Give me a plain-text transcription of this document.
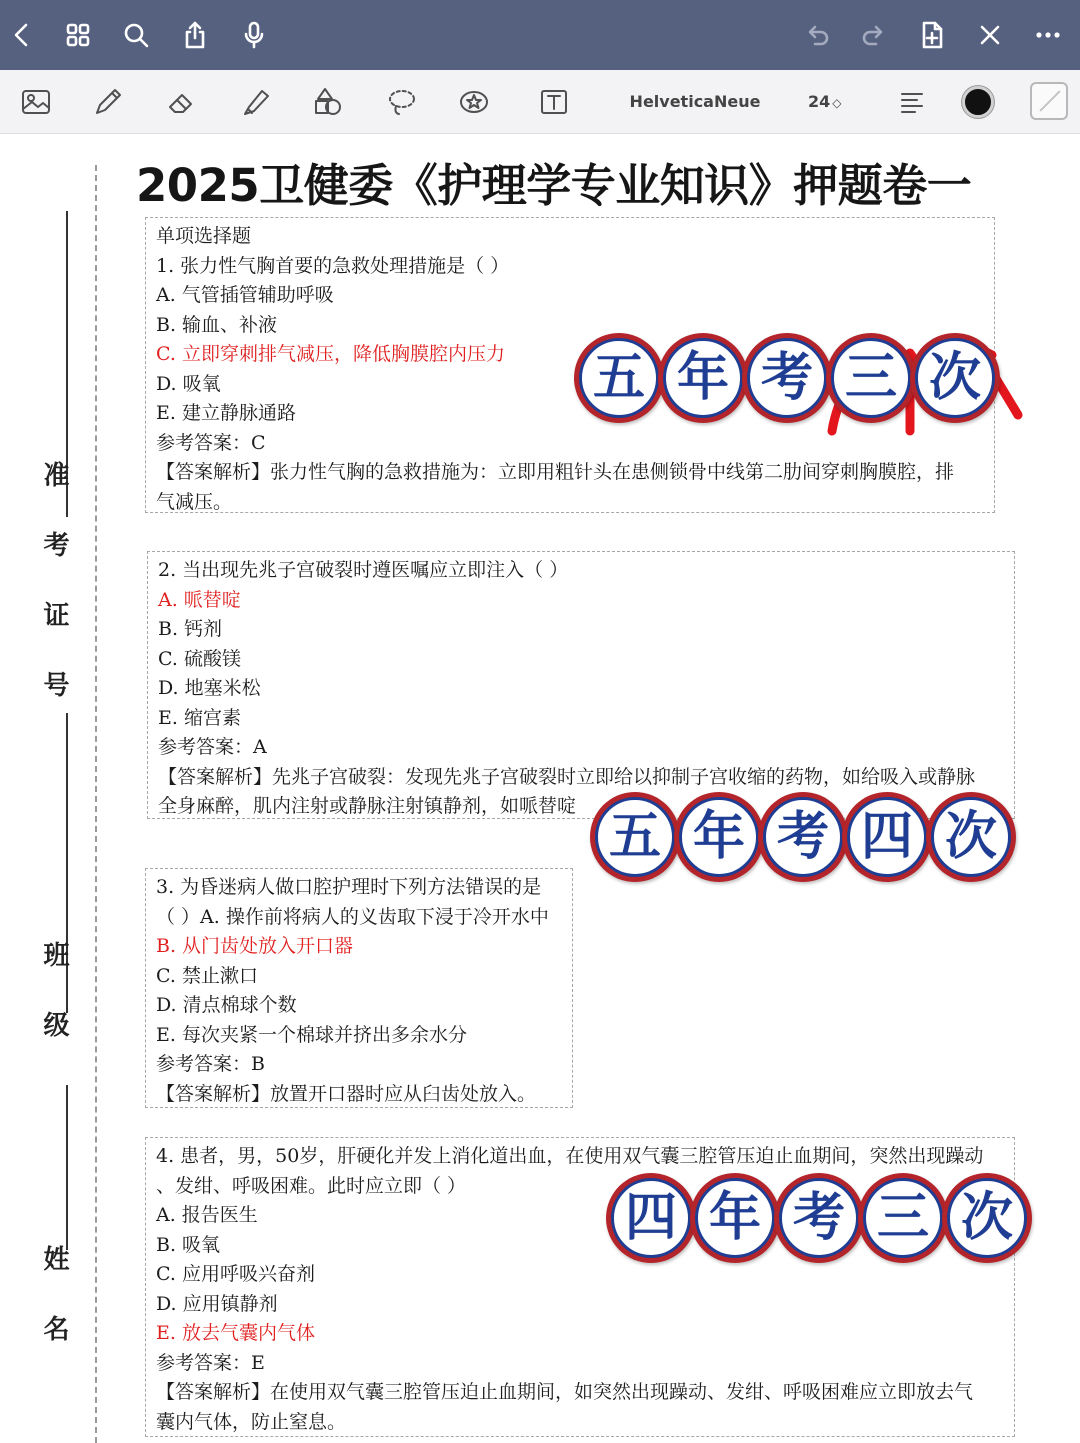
HelveticaNeue	24 ◇
准考证号
班级
姓名
2025卫健委《护理学专业知识》押题卷一
单项选择题
1. 张力性气胸首要的急救处理措施是（ ）
A. 气管插管辅助呼吸
B. 输血、补液
C. 立即穿刺排气减压，降低胸膜腔内压力
D. 吸氧
E. 建立静脉通路
参考答案：C
【答案解析】张力性气胸的急救措施为：立即用粗针头在患侧锁骨中线第二肋间穿刺胸膜腔，排
气减压。
2. 当出现先兆子宫破裂时遵医嘱应立即注入（ ）
A. 哌替啶
B. 钙剂
C. 硫酸镁
D. 地塞米松
E. 缩宫素
参考答案：A
【答案解析】先兆子宫破裂：发现先兆子宫破裂时立即给以抑制子宫收缩的药物，如给吸入或静脉
全身麻醉，肌内注射或静脉注射镇静剂，如哌替啶
3. 为昏迷病人做口腔护理时下列方法错误的是
（ ）A. 操作前将病人的义齿取下浸于冷开水中
B. 从门齿处放入开口器
C. 禁止漱口
D. 清点棉球个数
E. 每次夹紧一个棉球并挤出多余水分
参考答案：B
【答案解析】放置开口器时应从臼齿处放入。
4. 患者，男，50岁，肝硬化并发上消化道出血，在使用双气囊三腔管压迫止血期间，突然出现躁动
、发绀、呼吸困难。此时应立即（ ）
A. 报告医生
B. 吸氧
C. 应用呼吸兴奋剂
D. 应用镇静剂
E. 放去气囊内气体
参考答案：E
【答案解析】在使用双气囊三腔管压迫止血期间，如突然出现躁动、发绀、呼吸困难应立即放去气
囊内气体，防止窒息。
五 年 考 三 次
五 年 考 四 次
四 年 考 三 次
